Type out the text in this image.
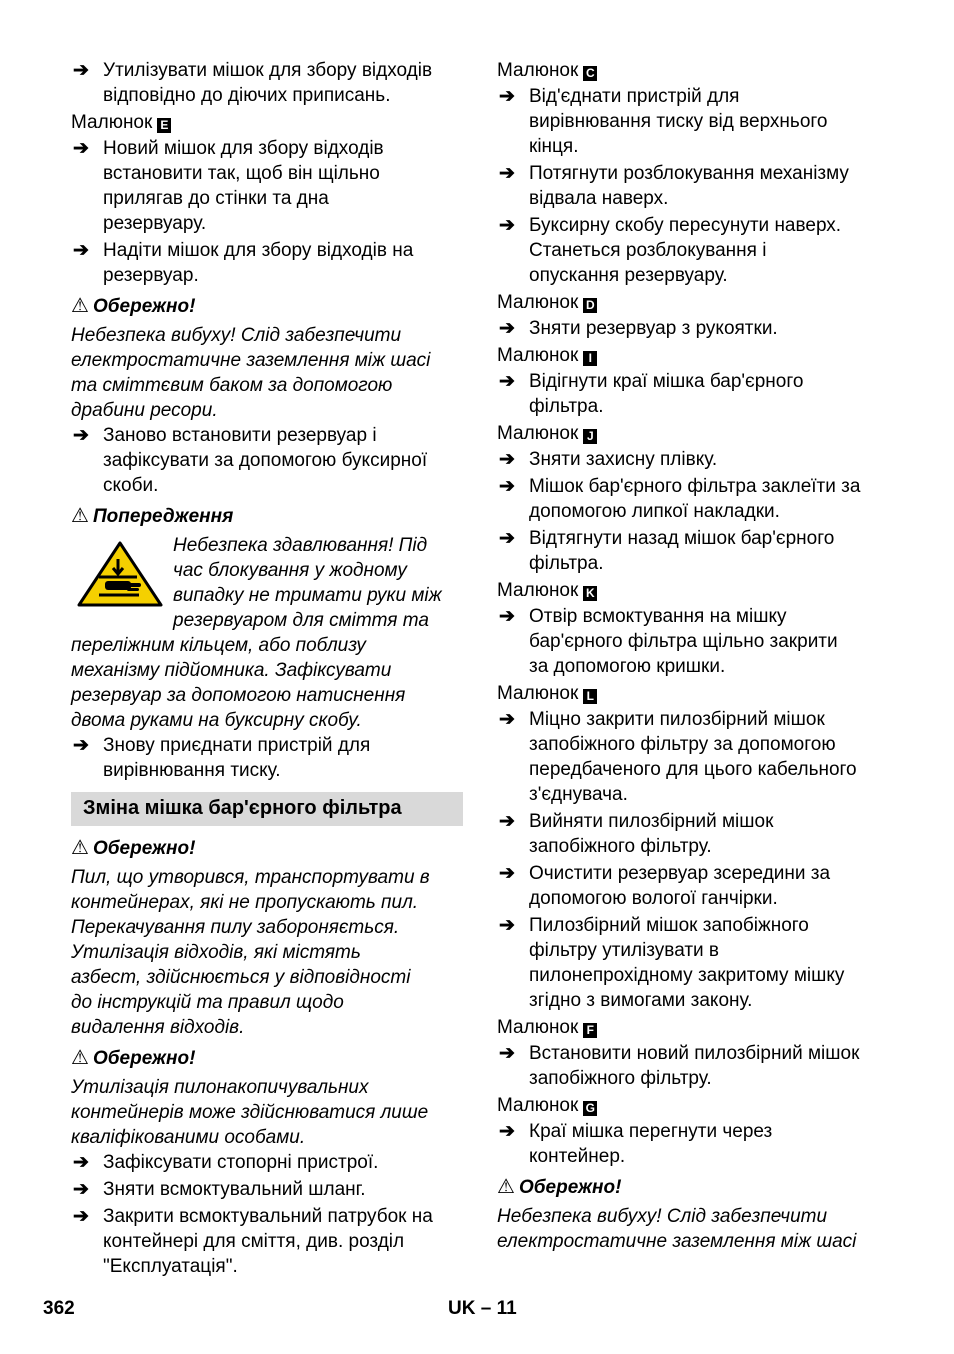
➔ Утилізувати мішок для збору відходів
відповідно до діючих приписань.
Малюнок E
➔ Новий мішок для збору відходів
встановити так, щоб він щільно
прилягав до стінки та дна
резервуару.
➔ Надіти мішок для збору відходів на
резервуар.
⚠ Обережно!
Небезпека вибуху! Слід забезпечити
електростатичне заземлення між шасі
та сміттєвим баком за допомогою
драбини ресори.
➔ Заново встановити резервуар і
зафіксувати за допомогою буксирної
скоби.
⚠ Попередження
Небезпека здавлювання! Під
час блокування у жодному
випадку не тримати руки між
резервуаром для сміття та
переліжним кільцем, або поблизу
механізму підйомника. Зафіксувати
резервуар за допомогою натиснення
двома руками на буксирну скобу.
➔ Знову приєднати пристрій для
вирівнювання тиску.
Зміна мішка бар'єрного фільтра
⚠ Обережно!
Пил, що утворився, транспортувати в
контейнерах, які не пропускають пил.
Перекачування пилу забороняється.
Утилізація відходів, які містять
азбест, здійснюється у відповідності
до інструкцій та правил щодо
видалення відходів.
⚠ Обережно!
Утилізація пилонакопичувальних
контейнерів може здійснюватися лише
кваліфікованими особами.
➔ Зафіксувати стопорні пристрої.
➔ Зняти всмоктувальний шланг.
➔ Закрити всмоктувальний патрубок на
контейнері для сміття, див. розділ
"Експлуатація".
Малюнок C
➔ Від'єднати пристрій для
вирівнювання тиску від верхнього
кінця.
➔ Потягнути розблокування механізму
відвала наверх.
➔ Буксирну скобу пересунути наверх.
Станеться розблокування і
опускання резервуару.
Малюнок D
➔ Зняти резервуар з рукоятки.
Малюнок I
➔ Відігнути краї мішка бар'єрного
фільтра.
Малюнок J
➔ Зняти захисну плівку.
➔ Мішок бар'єрного фільтра заклеїти за
допомогою липкої накладки.
➔ Відтягнути назад мішок бар'єрного
фільтра.
Малюнок K
➔ Отвір всмоктування на мішку
бар'єрного фільтра щільно закрити
за допомогою кришки.
Малюнок L
➔ Міцно закрити пилозбірний мішок
запобіжного фільтру за допомогою
передбаченого для цього кабельного
з'єднувача.
➔ Вийняти пилозбірний мішок
запобіжного фільтру.
➔ Очистити резервуар зсередини за
допомогою вологої ганчірки.
➔ Пилозбірний мішок запобіжного
фільтру утилізувати в
пилонепрохідному закритому мішку
згідно з вимогами закону.
Малюнок F
➔ Встановити новий пилозбірний мішок
запобіжного фільтру.
Малюнок G
➔ Краї мішка перегнути через
контейнер.
⚠ Обережно!
Небезпека вибуху! Слід забезпечити
електростатичне заземлення між шасі
362	UK – 11
